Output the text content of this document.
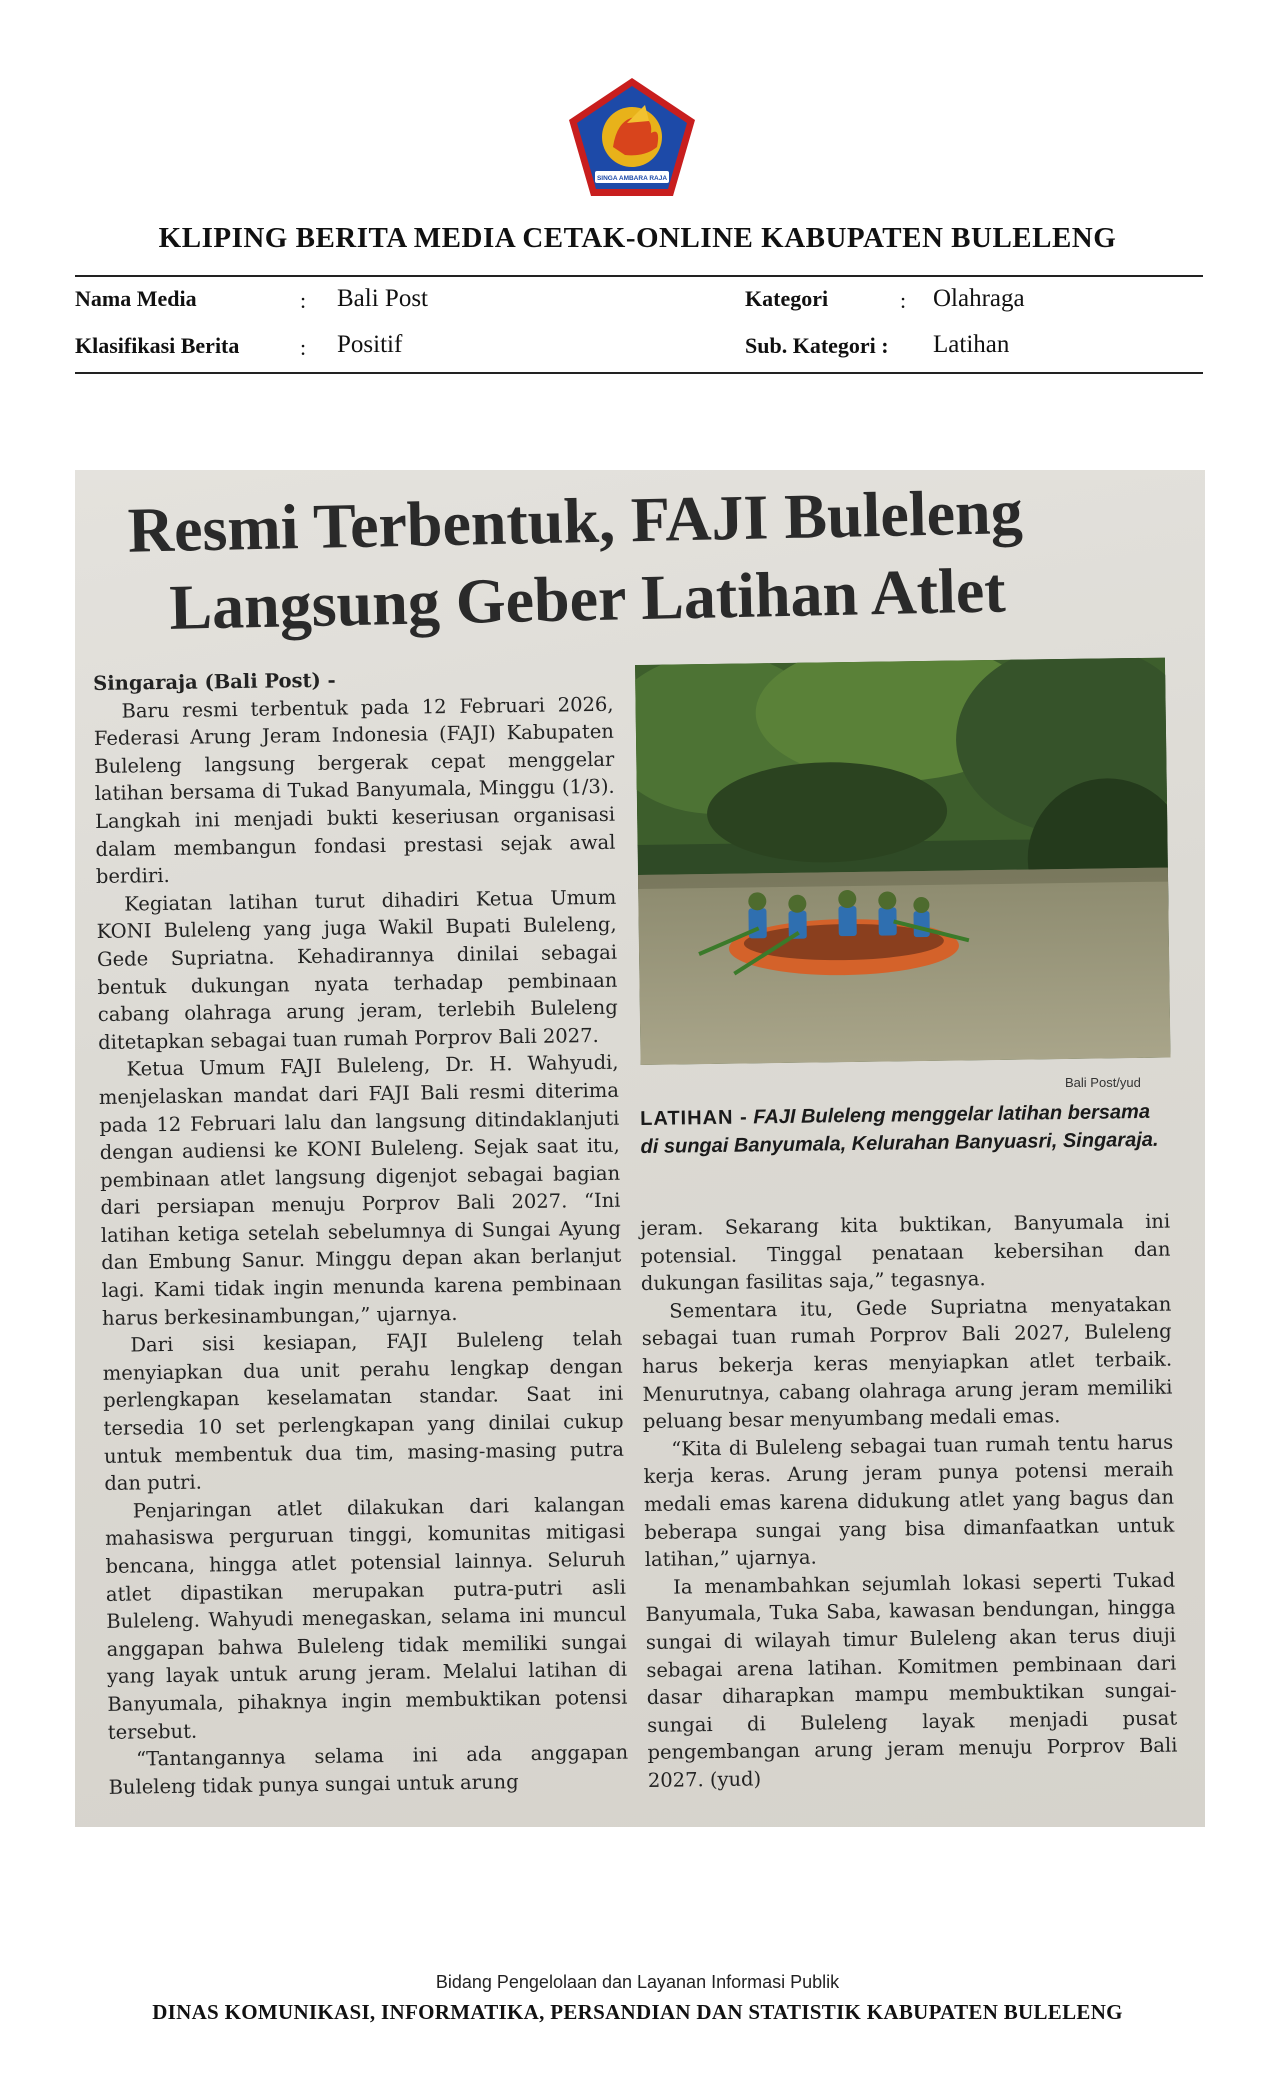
SINGA AMBARA RAJA
KLIPING BERITA MEDIA CETAK-ONLINE KABUPATEN BULELENG
Nama Media	: Bali Post	Kategori	: Olahraga
Klasifikasi Berita	: Positif	Sub. Kategori : Latihan
Resmi Terbentuk, FAJI Buleleng
Langsung Geber Latihan Atlet

Singaraja (Bali Post) -

Baru resmi terbentuk pada 12 Februari 2026, Federasi Arung Jeram Indonesia (FAJI) Kabupaten Buleleng langsung bergerak cepat menggelar latihan bersama di Tukad Banyumala, Minggu (1/3). Langkah ini menjadi bukti keseriusan organisasi dalam membangun fondasi prestasi sejak awal berdiri.

Kegiatan latihan turut dihadiri Ketua Umum KONI Buleleng yang juga Wakil Bupati Buleleng, Gede Supriatna. Kehadirannya dinilai sebagai bentuk dukungan nyata terhadap pembinaan cabang olahraga arung jeram, terlebih Buleleng ditetapkan sebagai tuan rumah Porprov Bali 2027.

Ketua Umum FAJI Buleleng, Dr. H. Wahyudi, menjelaskan mandat dari FAJI Bali resmi diterima pada 12 Februari lalu dan langsung ditindaklanjuti dengan audiensi ke KONI Buleleng. Sejak saat itu, pembinaan atlet langsung digenjot sebagai bagian dari persiapan menuju Porprov Bali 2027. “Ini latihan ketiga setelah sebelumnya di Sungai Ayung dan Embung Sanur. Minggu depan akan berlanjut lagi. Kami tidak ingin menunda karena pembinaan harus berkesinambungan,” ujarnya.

Dari sisi kesiapan, FAJI Buleleng telah menyiapkan dua unit perahu lengkap dengan perlengkapan keselamatan standar. Saat ini tersedia 10 set perlengkapan yang dinilai cukup untuk membentuk dua tim, masing-masing putra dan putri.

Penjaringan atlet dilakukan dari kalangan mahasiswa perguruan tinggi, komunitas mitigasi bencana, hingga atlet potensial lainnya. Seluruh atlet dipastikan merupakan putra-putri asli Buleleng. Wahyudi menegaskan, selama ini muncul anggapan bahwa Buleleng tidak memiliki sungai yang layak untuk arung jeram. Melalui latihan di Banyumala, pihaknya ingin membuktikan potensi tersebut.

“Tantangannya selama ini ada anggapan Buleleng tidak punya sungai untuk arung

Bali Post/yud
LATIHAN - FAJI Buleleng menggelar latihan bersama di sungai Banyumala, Kelurahan Banyuasri, Singaraja.

jeram. Sekarang kita buktikan, Banyumala ini potensial. Tinggal penataan kebersihan dan dukungan fasilitas saja,” tegasnya.

Sementara itu, Gede Supriatna menyatakan sebagai tuan rumah Porprov Bali 2027, Buleleng harus bekerja keras menyiapkan atlet terbaik. Menurutnya, cabang olahraga arung jeram memiliki peluang besar menyumbang medali emas.

“Kita di Buleleng sebagai tuan rumah tentu harus kerja keras. Arung jeram punya potensi meraih medali emas karena didukung atlet yang bagus dan beberapa sungai yang bisa dimanfaatkan untuk latihan,” ujarnya.

Ia menambahkan sejumlah lokasi seperti Tukad Banyumala, Tuka Saba, kawasan bendungan, hingga sungai di wilayah timur Buleleng akan terus diuji sebagai arena latihan. Komitmen pembinaan dari dasar diharapkan mampu membuktikan sungai-sungai di Buleleng layak menjadi pusat pengembangan arung jeram menuju Porprov Bali 2027. (yud)

Bidang Pengelolaan dan Layanan Informasi Publik
DINAS KOMUNIKASI, INFORMATIKA, PERSANDIAN DAN STATISTIK KABUPATEN BULELENG
